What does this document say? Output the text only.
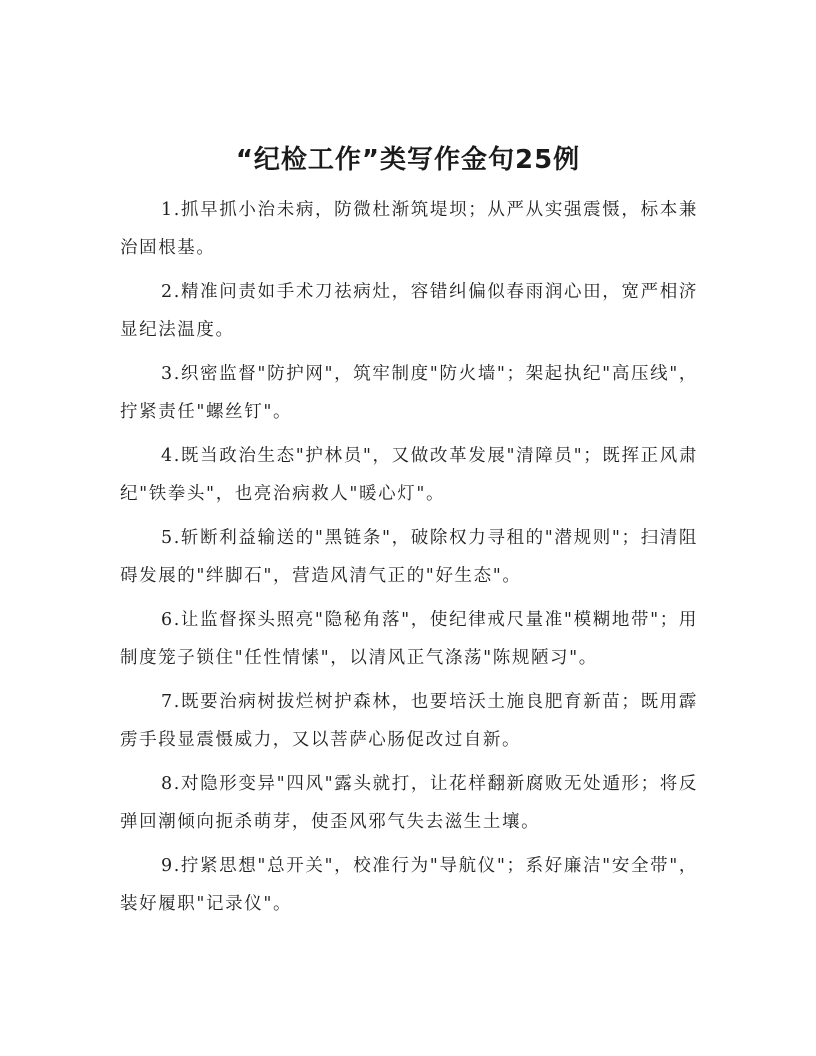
“纪检工作”类写作金句25例

1.抓早抓小治未病，防微杜渐筑堤坝；从严从实强震慑，标本兼治固根基。

2.精准问责如手术刀祛病灶，容错纠偏似春雨润心田，宽严相济显纪法温度。

3.织密监督"防护网"，筑牢制度"防火墙"；架起执纪"高压线"，拧紧责任"螺丝钉"。

4.既当政治生态"护林员"，又做改革发展"清障员"；既挥正风肃纪"铁拳头"，也亮治病救人"暖心灯"。

5.斩断利益输送的"黑链条"，破除权力寻租的"潜规则"；扫清阻碍发展的"绊脚石"，营造风清气正的"好生态"。

6.让监督探头照亮"隐秘角落"，使纪律戒尺量准"模糊地带"；用制度笼子锁住"任性情愫"，以清风正气涤荡"陈规陋习"。

7.既要治病树拔烂树护森林，也要培沃土施良肥育新苗；既用霹雳手段显震慑威力，又以菩萨心肠促改过自新。

8.对隐形变异"四风"露头就打，让花样翻新腐败无处遁形；将反弹回潮倾向扼杀萌芽，使歪风邪气失去滋生土壤。

9.拧紧思想"总开关"，校准行为"导航仪"；系好廉洁"安全带"，装好履职"记录仪"。
